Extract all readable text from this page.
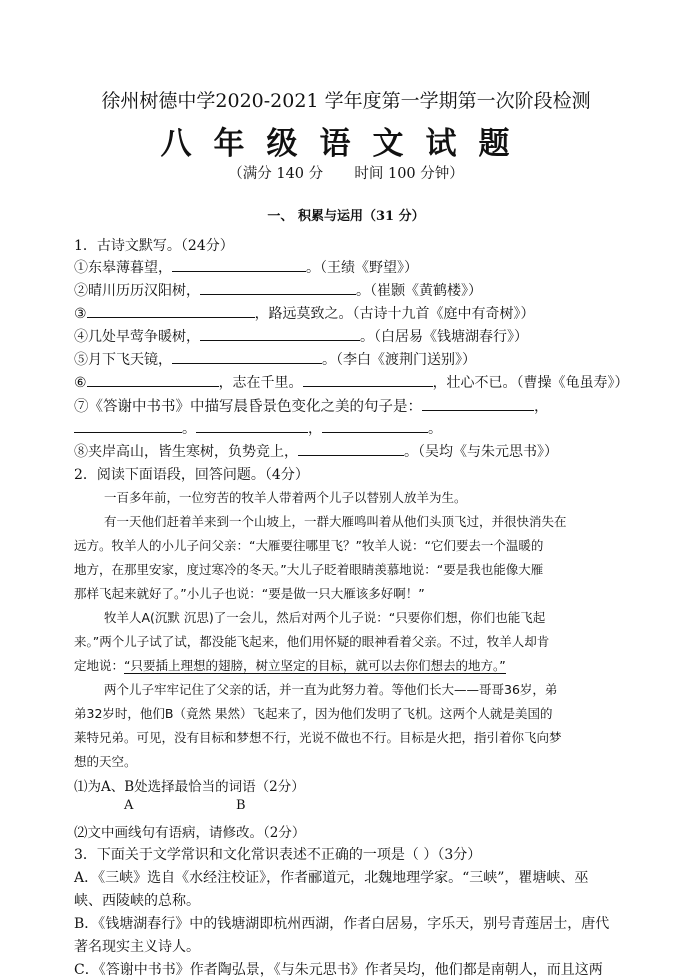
徐州树德中学2020-2021 学年度第一学期第一次阶段检测
八年级语文试题
（满分 140 分 时间 100 分钟）
一、 积累与运用（31 分）
1．古诗文默写。（24分）
①东皋薄暮望，	。（王绩《野望》）
②晴川历历汉阳树，	。（崔颢《黄鹤楼》）
③	，路远莫致之。（古诗十九首《庭中有奇树》）
④几处早莺争暖树，	。（白居易《钱塘湖春行》）
⑤月下飞天镜，	。（李白《渡荆门送别》）
⑥	，志在千里。	，壮心不已。（曹操《龟虽寿》）
⑦《答谢中书书》中描写晨昏景色变化之美的句子是：	，
。	，	。
⑧夹岸高山，皆生寒树，负势竞上，	。（吴均《与朱元思书》）
2．阅读下面语段，回答问题。（4分）
一百多年前，一位穷苦的牧羊人带着两个儿子以替别人放羊为生。
有一天他们赶着羊来到一个山坡上，一群大雁鸣叫着从他们头顶飞过，并很快消失在
远方。牧羊人的小儿子问父亲：“大雁要往哪里飞？”牧羊人说：“它们要去一个温暖的
地方，在那里安家，度过寒冷的冬天。”大儿子眨着眼睛羡慕地说：“要是我也能像大雁
那样飞起来就好了。”小儿子也说：“要是做一只大雁该多好啊！”
牧羊人A(沉默 沉思)了一会儿，然后对两个儿子说：“只要你们想，你们也能飞起
来。”两个儿子试了试，都没能飞起来，他们用怀疑的眼神看着父亲。不过，牧羊人却肯
定地说：“只要插上理想的翅膀，树立坚定的目标，就可以去你们想去的地方。”
两个儿子牢牢记住了父亲的话，并一直为此努力着。等他们长大——哥哥36岁，弟
弟32岁时，他们B（竟然 果然）飞起来了，因为他们发明了飞机。这两个人就是美国的
莱特兄弟。可见，没有目标和梦想不行，光说不做也不行。目标是火把，指引着你飞向梦
想的天空。
⑴为A、B处选择最恰当的词语（2分）
A	B
⑵文中画线句有语病，请修改。（2分）
3．下面关于文学常识和文化常识表述不正确的一项是（ ）（3分）
A．《三峡》选自《水经注校证》，作者郦道元，北魏地理学家。“三峡”，瞿塘峡、巫
峡、西陵峡的总称。
B．《钱塘湖春行》中的钱塘湖即杭州西湖，作者白居易，字乐天，别号青莲居士，唐代
著名现实主义诗人。
C．《答谢中书书》作者陶弘景，《与朱元思书》作者吴均，他们都是南朝人，而且这两
